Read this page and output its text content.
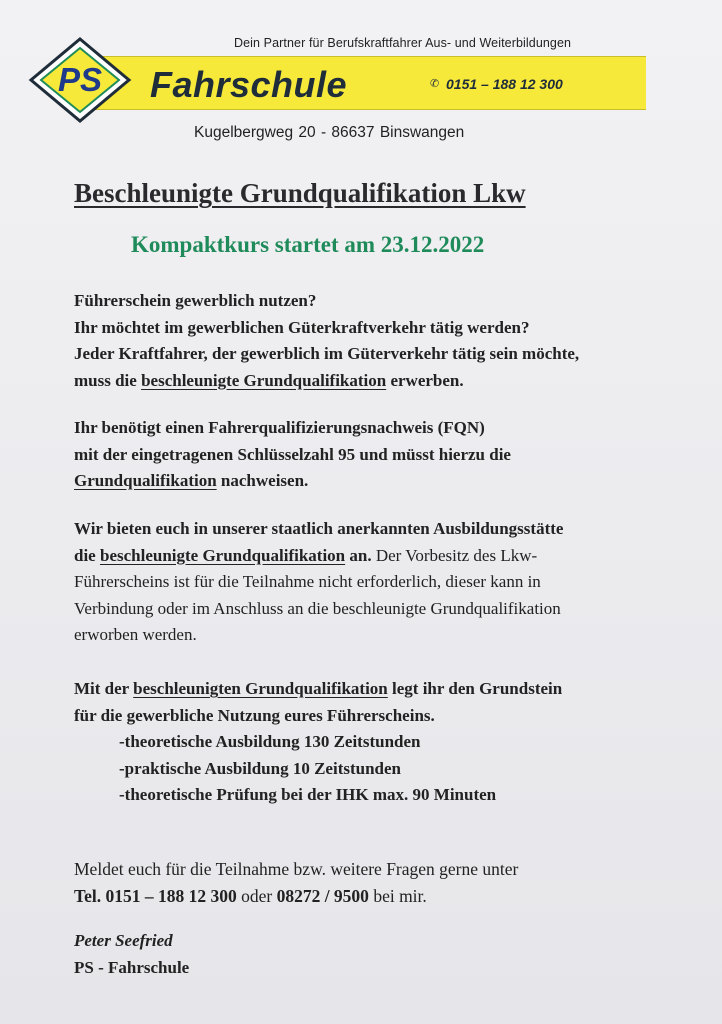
PS
Dein Partner für Berufskraftfahrer Aus- und Weiterbildungen
Fahrschule	✆ 0151 – 188 12 300
Kugelbergweg 20 - 86637 Binswangen
Beschleunigte Grundqualifikation Lkw
Kompaktkurs startet am 23.12.2022
Führerschein gewerblich nutzen?
Ihr möchtet im gewerblichen Güterkraftverkehr tätig werden?
Jeder Kraftfahrer, der gewerblich im Güterverkehr tätig sein möchte,
muss die beschleunigte Grundqualifikation erwerben.
Ihr benötigt einen Fahrerqualifizierungsnachweis (FQN)
mit der eingetragenen Schlüsselzahl 95 und müsst hierzu die
Grundqualifikation nachweisen.
Wir bieten euch in unserer staatlich anerkannten Ausbildungsstätte
die beschleunigte Grundqualifikation an. Der Vorbesitz des Lkw-
Führerscheins ist für die Teilnahme nicht erforderlich, dieser kann in
Verbindung oder im Anschluss an die beschleunigte Grundqualifikation
erworben werden.
Mit der beschleunigten Grundqualifikation legt ihr den Grundstein
für die gewerbliche Nutzung eures Führerscheins.
-theoretische Ausbildung 130 Zeitstunden
-praktische Ausbildung 10 Zeitstunden
-theoretische Prüfung bei der IHK max. 90 Minuten
Meldet euch für die Teilnahme bzw. weitere Fragen gerne unter
Tel. 0151 – 188 12 300 oder 08272 / 9500 bei mir.
Peter Seefried
PS - Fahrschule
